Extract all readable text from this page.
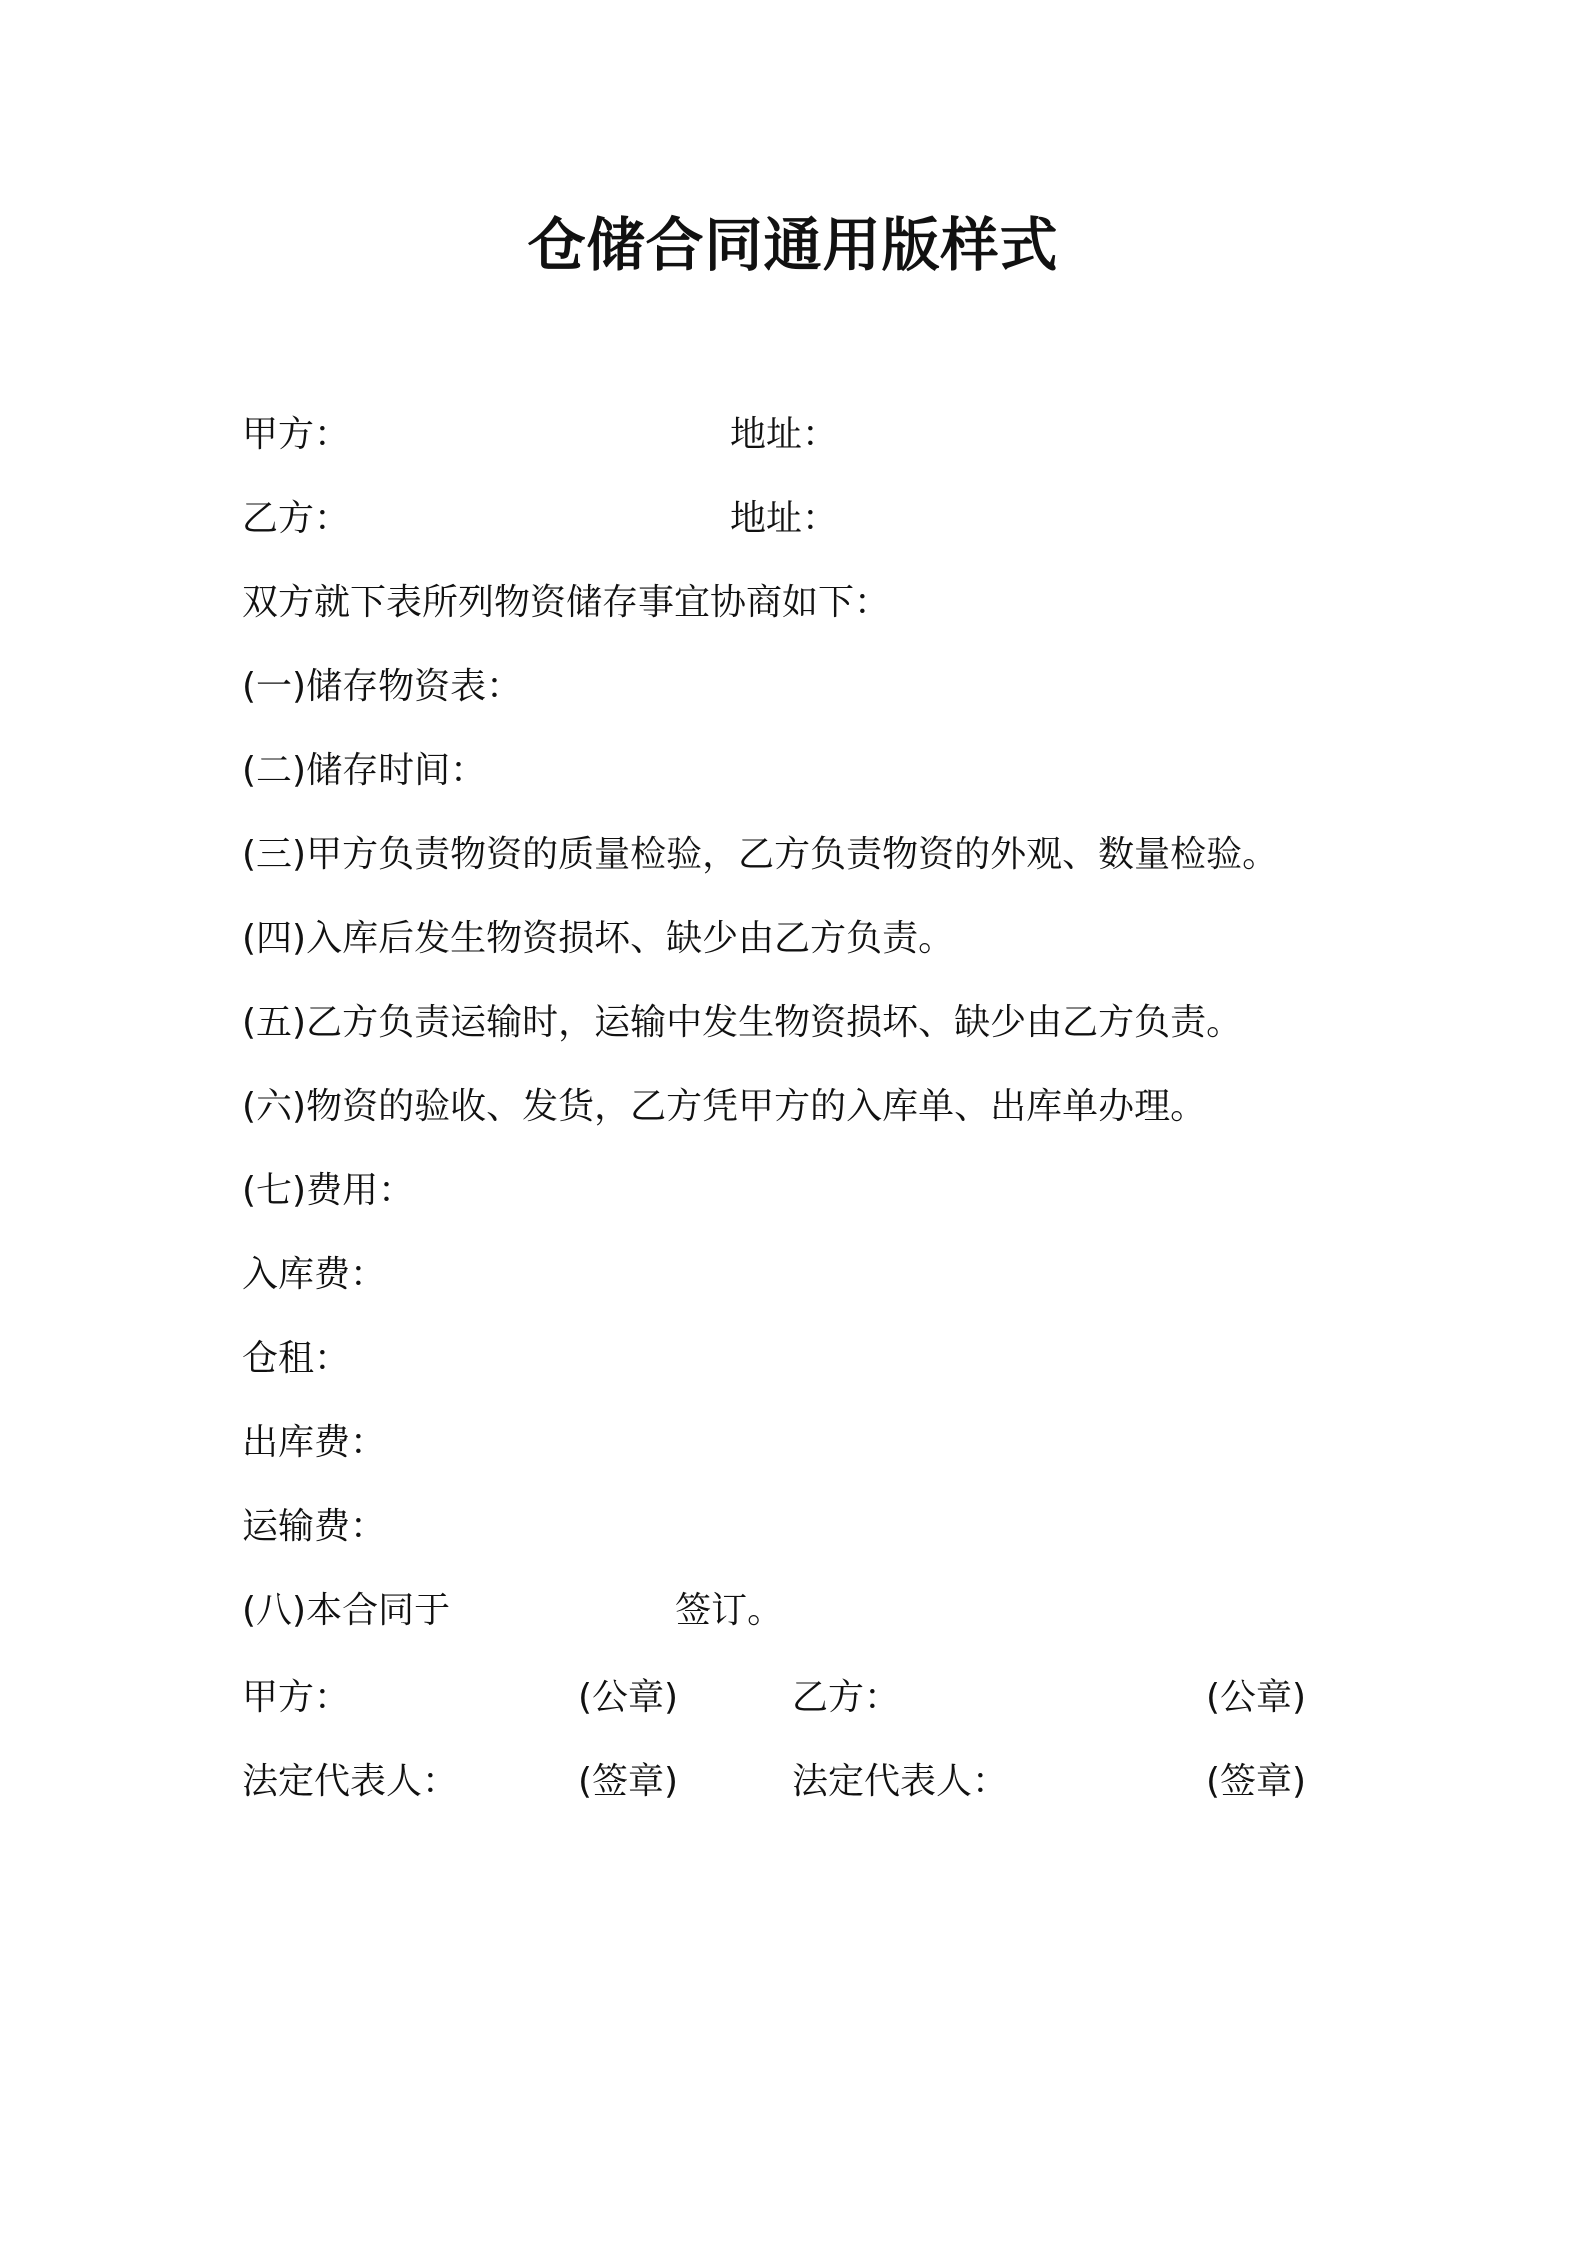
仓储合同通用版样式
甲方：	地址：
乙方：	地址：
双方就下表所列物资储存事宜协商如下：
(一)储存物资表：
(二)储存时间：
(三)甲方负责物资的质量检验，乙方负责物资的外观、数量检验。
(四)入库后发生物资损坏、缺少由乙方负责。
(五)乙方负责运输时，运输中发生物资损坏、缺少由乙方负责。
(六)物资的验收、发货，乙方凭甲方的入库单、出库单办理。
(七)费用：
入库费：
仓租：
出库费：
运输费：
(八)本合同于	签订。
甲方：	(公章)	乙方：	(公章)
法定代表人：	(签章)	法定代表人：	(签章)
